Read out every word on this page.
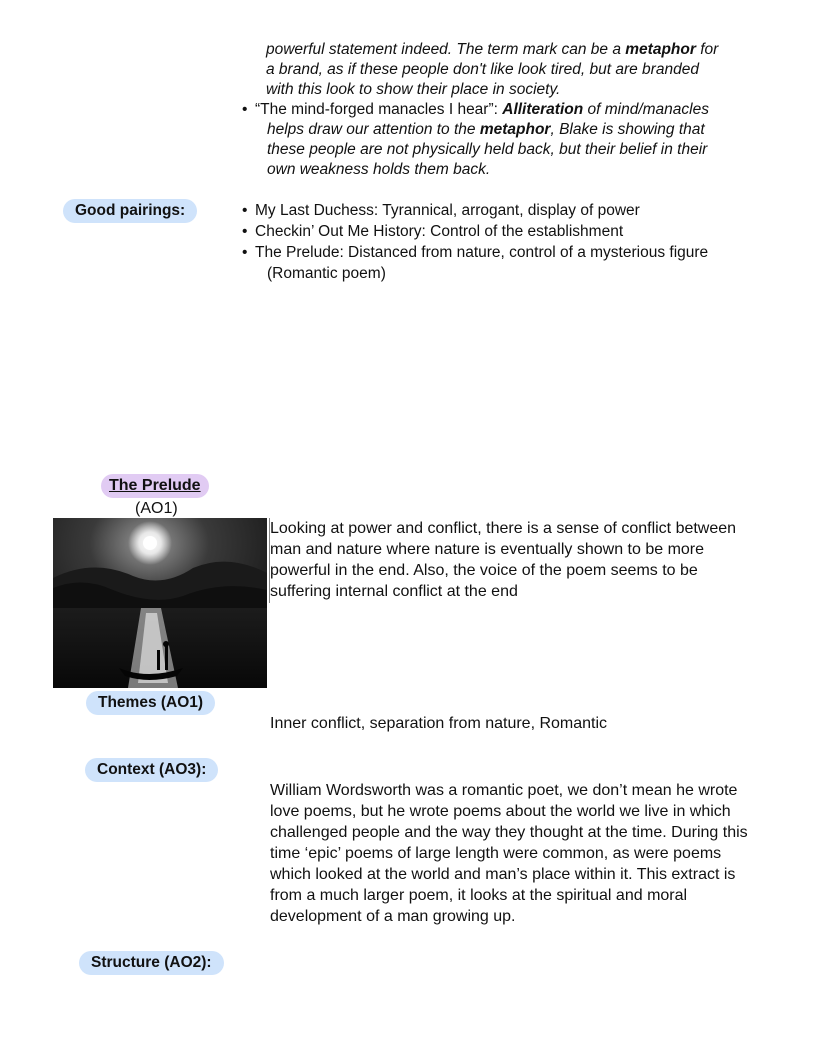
powerful statement indeed. The term mark can be a metaphor for
a brand, as if these people don't like look tired, but are branded
with this look to show their place in society.
• “The mind-forged manacles I hear”: Alliteration of mind/manacles
helps draw our attention to the metaphor, Blake is showing that
these people are not physically held back, but their belief in their
own weakness holds them back.
Good pairings:
•	My Last Duchess: Tyrannical, arrogant, display of power
• Checkin’ Out Me History: Control of the establishment
• The Prelude: Distanced from nature, control of a mysterious figure
(Romantic poem)
The Prelude
(AO1)
Looking at power and conflict, there is a sense of conflict between
man and nature where nature is eventually shown to be more
powerful in the end. Also, the voice of the poem seems to be
suffering internal conflict at the end
Themes (AO1)
Inner conflict, separation from nature, Romantic
Context (AO3):
William Wordsworth was a romantic poet, we don’t mean he wrote
love poems, but he wrote poems about the world we live in which
challenged people and the way they thought at the time. During this
time ‘epic’ poems of large length were common, as were poems
which looked at the world and man’s place within it. This extract is
from a much larger poem, it looks at the spiritual and moral
development of a man growing up.
Structure (AO2):
